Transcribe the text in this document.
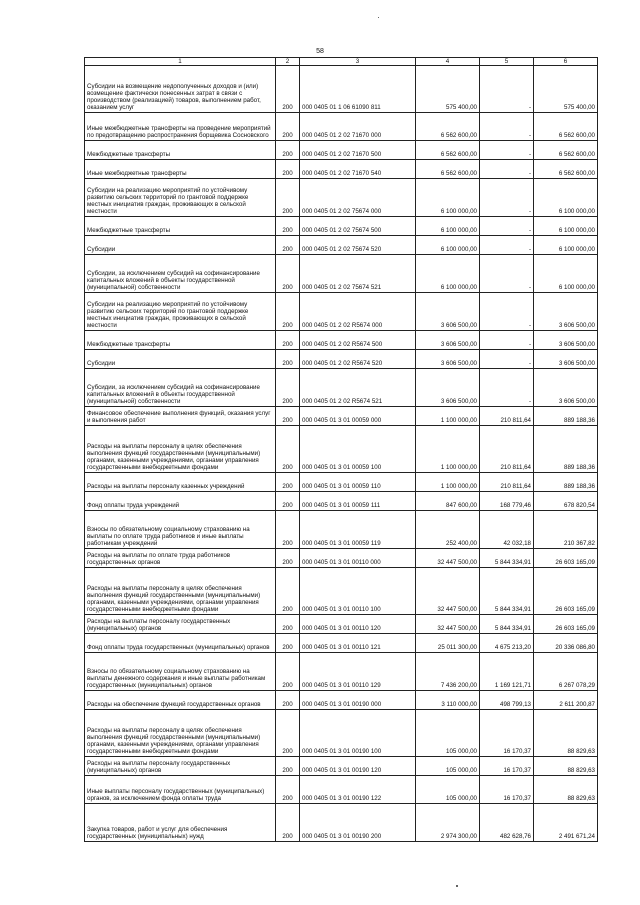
58
1	2	3	4	5	6
Субсидии на возмещение недополученных доходов и (или) возмещение фактически понесенных затрат в связи с производством (реализацией) товаров, выполнением работ, оказанием услуг	200	000 0405 01 1 06 61090 811	575 400,00	-	575 400,00
Иные межбюджетные трансферты на проведение мероприятий по предотвращению распространения борщевика Сосновского	200	000 0405 01 2 02 71670 000	6 562 600,00	-	6 562 600,00
Межбюджетные трансферты	200	000 0405 01 2 02 71670 500	6 562 600,00	-	6 562 600,00
Иные межбюджетные трансферты	200	000 0405 01 2 02 71670 540	6 562 600,00	-	6 562 600,00
Субсидии на реализацию мероприятий по устойчивому развитию сельских территорий по грантовой поддержке местных инициатив граждан, проживающих в сельской местности	200	000 0405 01 2 02 75674 000	6 100 000,00	-	6 100 000,00
Межбюджетные трансферты	200	000 0405 01 2 02 75674 500	6 100 000,00	-	6 100 000,00
Субсидии	200	000 0405 01 2 02 75674 520	6 100 000,00	-	6 100 000,00
Субсидии, за исключением субсидий на софинансирование капитальных вложений в объекты государственной (муниципальной) собственности	200	000 0405 01 2 02 75674 521	6 100 000,00	-	6 100 000,00
Субсидии на реализацию мероприятий по устойчивому развитию сельских территорий по грантовой поддержке местных инициатив граждан, проживающих в сельской местности	200	000 0405 01 2 02 R5674 000	3 606 500,00	-	3 606 500,00
Межбюджетные трансферты	200	000 0405 01 2 02 R5674 500	3 606 500,00	-	3 606 500,00
Субсидии	200	000 0405 01 2 02 R5674 520	3 606 500,00	-	3 606 500,00
Субсидии, за исключением субсидий на софинансирование капитальных вложений в объекты государственной (муниципальной) собственности	200	000 0405 01 2 02 R5674 521	3 606 500,00	-	3 606 500,00
Финансовое обеспечение выполнения функций, оказания услуг и выполнения работ	200	000 0405 01 3 01 00059 000	1 100 000,00	210 811,64	889 188,36
Расходы на выплаты персоналу в целях обеспечения выполнения функций государственными (муниципальными) органами, казенными учреждениями, органами управления государственными внебюджетными фондами	200	000 0405 01 3 01 00059 100	1 100 000,00	210 811,64	889 188,36
Расходы на выплаты персоналу казенных учреждений	200	000 0405 01 3 01 00059 110	1 100 000,00	210 811,64	889 188,36
Фонд оплаты труда учреждений	200	000 0405 01 3 01 00059 111	847 600,00	168 779,46	678 820,54
Взносы по обязательному социальному страхованию на выплаты по оплате труда работников и иные выплаты работникам учреждений	200	000 0405 01 3 01 00059 119	252 400,00	42 032,18	210 367,82
Расходы на выплаты по оплате труда работников государственных органов	200	000 0405 01 3 01 00110 000	32 447 500,00	5 844 334,91	26 603 165,09
Расходы на выплаты персоналу в целях обеспечения выполнения функций государственными (муниципальными) органами, казенными учреждениями, органами управления государственными внебюджетными фондами	200	000 0405 01 3 01 00110 100	32 447 500,00	5 844 334,91	26 603 165,09
Расходы на выплаты персоналу государственных (муниципальных) органов	200	000 0405 01 3 01 00110 120	32 447 500,00	5 844 334,91	26 603 165,09
Фонд оплаты труда государственных (муниципальных) органов	200	000 0405 01 3 01 00110 121	25 011 300,00	4 675 213,20	20 336 086,80
Взносы по обязательному социальному страхованию на выплаты денежного содержания и иные выплаты работникам государственных (муниципальных) органов	200	000 0405 01 3 01 00110 129	7 436 200,00	1 169 121,71	6 267 078,29
Расходы на обеспечение функций государственных органов	200	000 0405 01 3 01 00190 000	3 110 000,00	498 799,13	2 611 200,87
Расходы на выплаты персоналу в целях обеспечения выполнения функций государственными (муниципальными) органами, казенными учреждениями, органами управления государственными внебюджетными фондами	200	000 0405 01 3 01 00190 100	105 000,00	16 170,37	88 829,63
Расходы на выплаты персоналу государственных (муниципальных) органов	200	000 0405 01 3 01 00190 120	105 000,00	16 170,37	88 829,63
Иные выплаты персоналу государственных (муниципальных) органов, за исключением фонда оплаты труда	200	000 0405 01 3 01 00190 122	105 000,00	16 170,37	88 829,63
Закупка товаров, работ и услуг для обеспечения государственных (муниципальных) нужд	200	000 0405 01 3 01 00190 200	2 974 300,00	482 628,76	2 491 671,24
